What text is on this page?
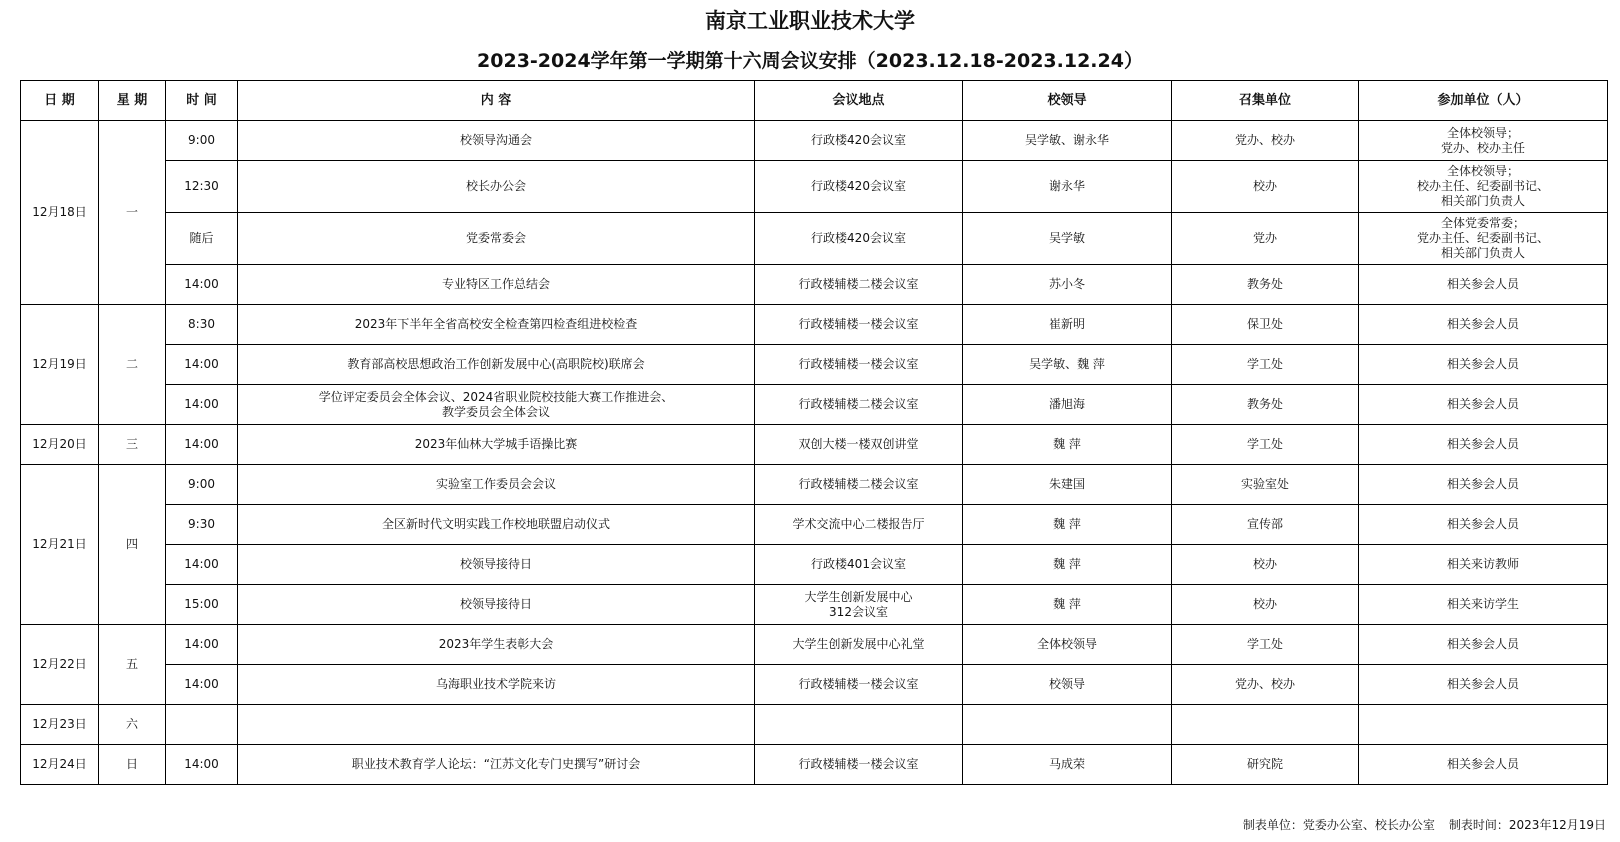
南京工业职业技术大学
2023-2024学年第一学期第十六周会议安排（2023.12.18-2023.12.24）
日 期	星 期	时 间	内 容	会议地点	校领导	召集单位	参加单位（人）
12月18日	一	9:00	校领导沟通会	行政楼420会议室	吴学敏、谢永华	党办、校办	全体校领导；
党办、校办主任
		12:30	校长办公会	行政楼420会议室	谢永华	校办	全体校领导；
校办主任、纪委副书记、
相关部门负责人
		随后	党委常委会	行政楼420会议室	吴学敏	党办	全体党委常委；
党办主任、纪委副书记、
相关部门负责人
		14:00	专业特区工作总结会	行政楼辅楼二楼会议室	苏小冬	教务处	相关参会人员
12月19日	二	8:30	2023年下半年全省高校安全检查第四检查组进校检查	行政楼辅楼一楼会议室	崔新明	保卫处	相关参会人员
		14:00	教育部高校思想政治工作创新发展中心(高职院校)联席会	行政楼辅楼一楼会议室	吴学敏、魏 萍	学工处	相关参会人员
		14:00	学位评定委员会全体会议、2024省职业院校技能大赛工作推进会、
教学委员会全体会议	行政楼辅楼二楼会议室	潘旭海	教务处	相关参会人员
12月20日	三	14:00	2023年仙林大学城手语操比赛	双创大楼一楼双创讲堂	魏 萍	学工处	相关参会人员
12月21日	四	9:00	实验室工作委员会会议	行政楼辅楼二楼会议室	朱建国	实验室处	相关参会人员
		9:30	全区新时代文明实践工作校地联盟启动仪式	学术交流中心二楼报告厅	魏 萍	宣传部	相关参会人员
		14:00	校领导接待日	行政楼401会议室	魏 萍	校办	相关来访教师
		15:00	校领导接待日	大学生创新发展中心
312会议室	魏 萍	校办	相关来访学生
12月22日	五	14:00	2023年学生表彰大会	大学生创新发展中心礼堂	全体校领导	学工处	相关参会人员
		14:00	乌海职业技术学院来访	行政楼辅楼一楼会议室	校领导	党办、校办	相关参会人员
12月23日	六						
12月24日	日	14:00	职业技术教育学人论坛：“江苏文化专门史撰写”研讨会	行政楼辅楼一楼会议室	马成荣	研究院	相关参会人员
制表单位：党委办公室、校长办公室 制表时间：2023年12月19日
